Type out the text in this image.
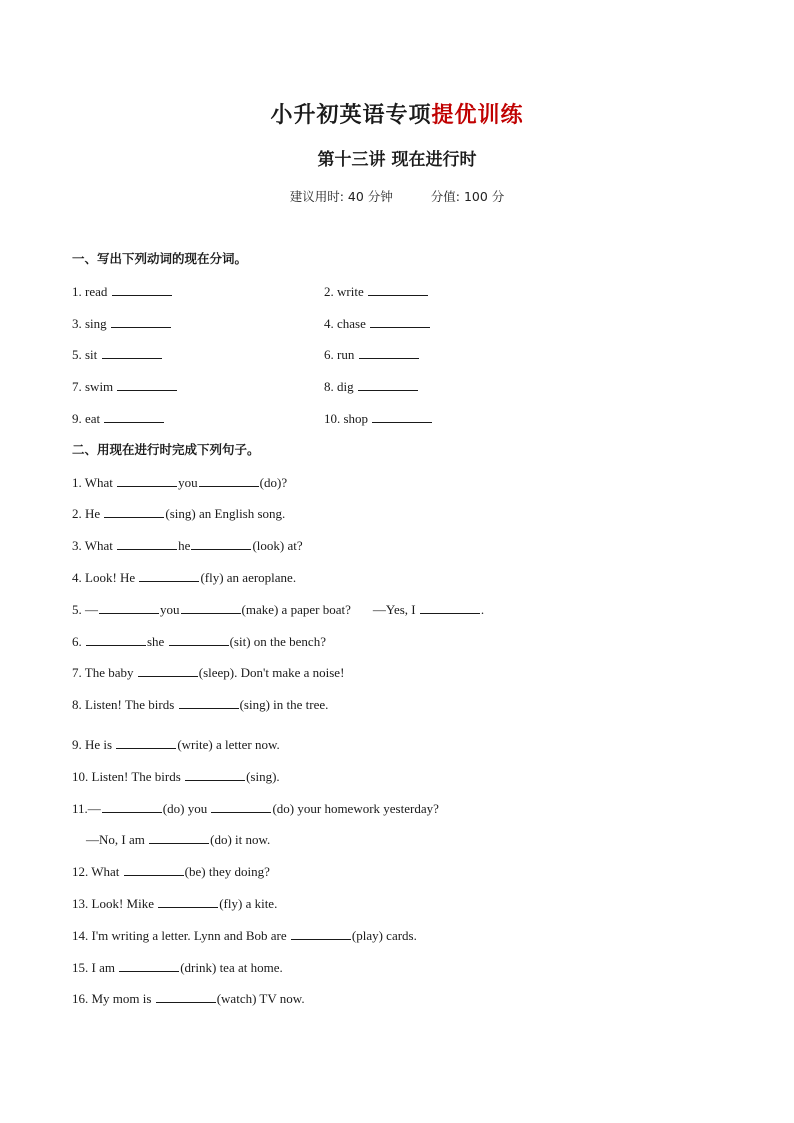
小升初英语专项提优训练
第十三讲 现在进行时
建议用时: 40 分钟	分值: 100 分
一、写出下列动词的现在分词。
1. read	2. write
3. sing	4. chase
5. sit	6. run
7. swim	8. dig
9. eat	10. shop
二、用现在进行时完成下列句子。
1. What	you	(do)?
2. He	(sing) an English song.
3. What	he	(look) at?
4. Look! He	(fly) an aeroplane.
5. —	you	(make) a paper boat? —Yes, I	.
6.	she	(sit) on the bench?
7. The baby	(sleep). Don't make a noise!
8. Listen! The birds	(sing) in the tree.
9. He is	(write) a letter now.
10. Listen! The birds	(sing).
11.—	(do) you	(do) your homework yesterday?
—No, I am	(do) it now.
12. What	(be) they doing?
13. Look! Mike	(fly) a kite.
14. I'm writing a letter. Lynn and Bob are	(play) cards.
15. I am	(drink) tea at home.
16. My mom is	(watch) TV now.
